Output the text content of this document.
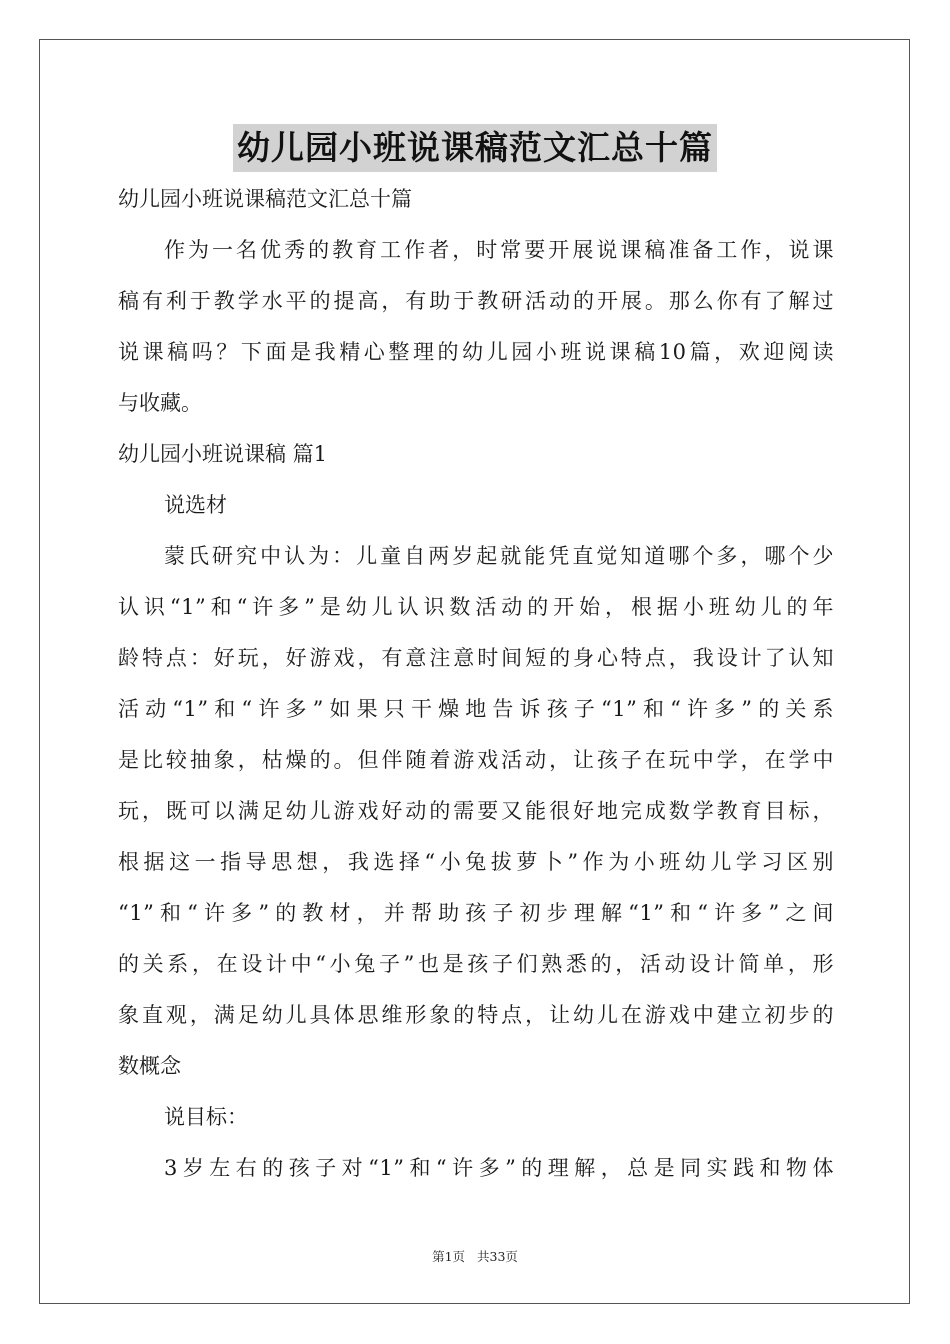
幼儿园小班说课稿范文汇总十篇
幼儿园小班说课稿范文汇总十篇
作为一名优秀的教育工作者，时常要开展说课稿准备工作，说课
稿有利于教学水平的提高，有助于教研活动的开展。那么你有了解过
说课稿吗？下面是我精心整理的幼儿园小班说课稿10篇，欢迎阅读
与收藏。
幼儿园小班说课稿 篇1
说选材
蒙氏研究中认为：儿童自两岁起就能凭直觉知道哪个多，哪个少
认识“1”和“许多”是幼儿认识数活动的开始，根据小班幼儿的年
龄特点：好玩，好游戏，有意注意时间短的身心特点，我设计了认知
活动“1”和“许多”如果只干燥地告诉孩子“1”和“许多”的关系
是比较抽象，枯燥的。但伴随着游戏活动，让孩子在玩中学，在学中
玩，既可以满足幼儿游戏好动的需要又能很好地完成数学教育目标，
根据这一指导思想，我选择“小兔拔萝卜”作为小班幼儿学习区别
“1”和“许多”的教材，并帮助孩子初步理解“1”和“许多”之间
的关系，在设计中“小兔子”也是孩子们熟悉的，活动设计简单，形
象直观，满足幼儿具体思维形象的特点，让幼儿在游戏中建立初步的
数概念
说目标：
3岁左右的孩子对“1”和“许多”的理解，总是同实践和物体
第1页 共33页
